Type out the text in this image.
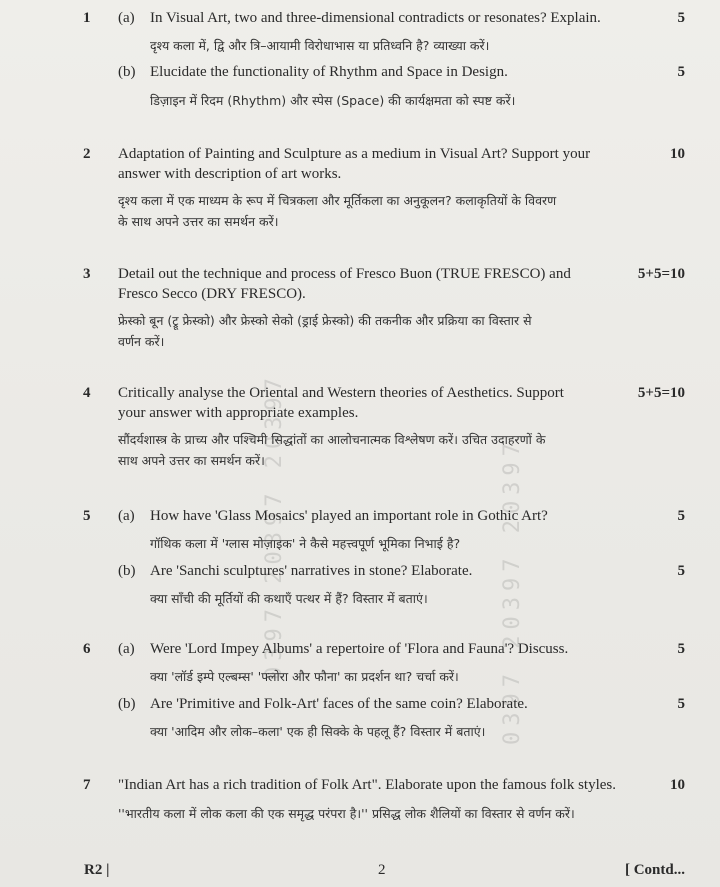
0397 20397 20397	0397 20397 20397
1 (a) In Visual Art, two and three-dimensional contradicts or resonates? Explain.	5
दृश्य कला में, द्वि और त्रि–आयामी विरोधाभास या प्रतिध्वनि है? व्याख्या करें।
(b) Elucidate the functionality of Rhythm and Space in Design.	5
डिज़ाइन में रिदम (Rhythm) और स्पेस (Space) की कार्यक्षमता को स्पष्ट करें।
2 Adaptation of Painting and Sculpture as a medium in Visual Art? Support your
answer with description of art works.
10
दृश्य कला में एक माध्यम के रूप में चित्रकला और मूर्तिकला का अनुकूलन? कलाकृतियों के विवरण
के साथ अपने उत्तर का समर्थन करें।
3 Detail out the technique and process of Fresco Buon (TRUE FRESCO) and
Fresco Secco (DRY FRESCO).
5+5=10
फ्रेस्को बून (ट्रू फ्रेस्को) और फ्रेस्को सेको (ड्राई फ्रेस्को) की तकनीक और प्रक्रिया का विस्तार से
वर्णन करें।
4 Critically analyse the Oriental and Western theories of Aesthetics. Support
your answer with appropriate examples.
5+5=10
सौंदर्यशास्त्र के प्राच्य और पश्चिमी सिद्धांतों का आलोचनात्मक विश्लेषण करें। उचित उदाहरणों के
साथ अपने उत्तर का समर्थन करें।
5 (a) How have 'Glass Mosaics' played an important role in Gothic Art?	5
गॉथिक कला में 'ग्लास मोज़ाइक' ने कैसे महत्त्वपूर्ण भूमिका निभाई है?
(b) Are 'Sanchi sculptures' narratives in stone? Elaborate.	5
क्या साँची की मूर्तियों की कथाएँ पत्थर में हैं? विस्तार में बताएं।
6 (a) Were 'Lord Impey Albums' a repertoire of 'Flora and Fauna'? Discuss.	5
क्या 'लॉर्ड इम्पे एल्बम्स' 'फ्लोरा और फौना' का प्रदर्शन था? चर्चा करें।
(b) Are 'Primitive and Folk-Art' faces of the same coin? Elaborate.	5
क्या 'आदिम और लोक–कला' एक ही सिक्के के पहलू हैं? विस्तार में बताएं।
7 "Indian Art has a rich tradition of Folk Art". Elaborate upon the famous folk styles.	10
''भारतीय कला में लोक कला की एक समृद्ध परंपरा है।'' प्रसिद्ध लोक शैलियों का विस्तार से वर्णन करें।
R2 |	2	[ Contd...
